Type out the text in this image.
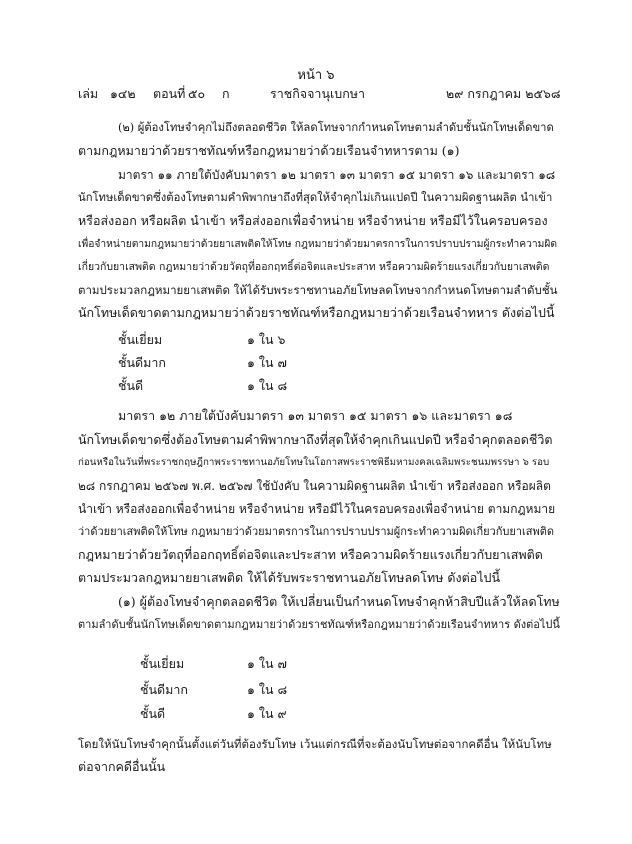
หน้า ๖
เล่ม ๑๔๒ ตอนที่ ๕๐ ก	ราชกิจจานุเบกษา	๒๙ กรกฎาคม ๒๕๖๘
(๒) ผู้ต้องโทษจำคุกไม่ถึงตลอดชีวิต ให้ลดโทษจากกำหนดโทษตามลำดับชั้นนักโทษเด็ดขาด
ตามกฎหมายว่าด้วยราชทัณฑ์หรือกฎหมายว่าด้วยเรือนจำทหารตาม (๑)
มาตรา ๑๑ ภายใต้บังคับมาตรา ๑๒ มาตรา ๑๓ มาตรา ๑๕ มาตรา ๑๖ และมาตรา ๑๘
นักโทษเด็ดขาดซึ่งต้องโทษตามคำพิพากษาถึงที่สุดให้จำคุกไม่เกินแปดปี ในความผิดฐานผลิต นำเข้า
หรือส่งออก หรือผลิต นำเข้า หรือส่งออกเพื่อจำหน่าย หรือจำหน่าย หรือมีไว้ในครอบครอง
เพื่อจำหน่ายตามกฎหมายว่าด้วยยาเสพติดให้โทษ กฎหมายว่าด้วยมาตรการในการปราบปรามผู้กระทำความผิด
เกี่ยวกับยาเสพติด กฎหมายว่าด้วยวัตถุที่ออกฤทธิ์ต่อจิตและประสาท หรือความผิดร้ายแรงเกี่ยวกับยาเสพติด
ตามประมวลกฎหมายยาเสพติด ให้ได้รับพระราชทานอภัยโทษลดโทษจากกำหนดโทษตามลำดับชั้น
นักโทษเด็ดขาดตามกฎหมายว่าด้วยราชทัณฑ์หรือกฎหมายว่าด้วยเรือนจำทหาร ดังต่อไปนี้
ชั้นเยี่ยม	๑ ใน ๖
ชั้นดีมาก	๑ ใน ๗
ชั้นดี	๑ ใน ๘
มาตรา ๑๒ ภายใต้บังคับมาตรา ๑๓ มาตรา ๑๕ มาตรา ๑๖ และมาตรา ๑๘
นักโทษเด็ดขาดซึ่งต้องโทษตามคำพิพากษาถึงที่สุดให้จำคุกเกินแปดปี หรือจำคุกตลอดชีวิต
ก่อนหรือในวันที่พระราชกฤษฎีกาพระราชทานอภัยโทษในโอกาสพระราชพิธีมหามงคลเฉลิมพระชนมพรรษา ๖ รอบ
๒๘ กรกฎาคม ๒๕๖๗ พ.ศ. ๒๕๖๗ ใช้บังคับ ในความผิดฐานผลิต นำเข้า หรือส่งออก หรือผลิต
นำเข้า หรือส่งออกเพื่อจำหน่าย หรือจำหน่าย หรือมีไว้ในครอบครองเพื่อจำหน่าย ตามกฎหมาย
ว่าด้วยยาเสพติดให้โทษ กฎหมายว่าด้วยมาตรการในการปราบปรามผู้กระทำความผิดเกี่ยวกับยาเสพติด
กฎหมายว่าด้วยวัตถุที่ออกฤทธิ์ต่อจิตและประสาท หรือความผิดร้ายแรงเกี่ยวกับยาเสพติด
ตามประมวลกฎหมายยาเสพติด ให้ได้รับพระราชทานอภัยโทษลดโทษ ดังต่อไปนี้
(๑) ผู้ต้องโทษจำคุกตลอดชีวิต ให้เปลี่ยนเป็นกำหนดโทษจำคุกห้าสิบปีแล้วให้ลดโทษ
ตามลำดับชั้นนักโทษเด็ดขาดตามกฎหมายว่าด้วยราชทัณฑ์หรือกฎหมายว่าด้วยเรือนจำทหาร ดังต่อไปนี้
ชั้นเยี่ยม	๑ ใน ๗
ชั้นดีมาก	๑ ใน ๘
ชั้นดี	๑ ใน ๙
โดยให้นับโทษจำคุกนั้นตั้งแต่วันที่ต้องรับโทษ เว้นแต่กรณีที่จะต้องนับโทษต่อจากคดีอื่น ให้นับโทษ
ต่อจากคดีอื่นนั้น
